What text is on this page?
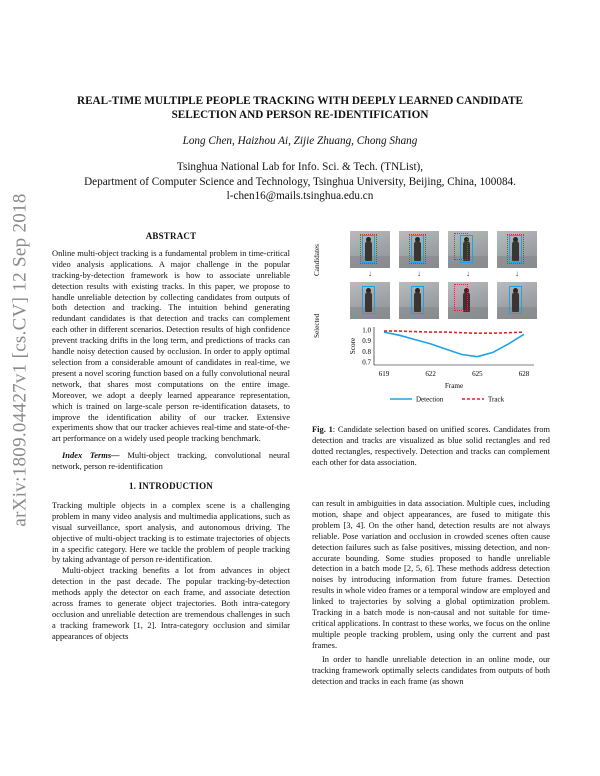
arXiv:1809.04427v1 [cs.CV] 12 Sep 2018
REAL-TIME MULTIPLE PEOPLE TRACKING WITH DEEPLY LEARNED CANDIDATE
SELECTION AND PERSON RE-IDENTIFICATION
Long Chen, Haizhou Ai, Zijie Zhuang, Chong Shang
Tsinghua National Lab for Info. Sci. & Tech. (TNList),
Department of Computer Science and Technology, Tsinghua University, Beijing, China, 100084.
l-chen16@mails.tsinghua.edu.cn
ABSTRACT

Online multi-object tracking is a fundamental problem in time-critical video analysis applications. A major challenge in the popular tracking-by-detection framework is how to associate unreliable detection results with existing tracks. In this paper, we propose to handle unreliable detection by collecting candidates from outputs of both detection and tracking. The intuition behind generating redundant candidates is that detection and tracks can complement each other in different scenarios. Detection results of high confidence prevent tracking drifts in the long term, and predictions of tracks can handle noisy detection caused by occlusion. In order to apply optimal selection from a considerable amount of candidates in real-time, we present a novel scoring function based on a fully convolutional neural network, that shares most computations on the entire image. Moreover, we adopt a deeply learned appearance representation, which is trained on large-scale person re-identification datasets, to improve the identification ability of our tracker. Extensive experiments show that our tracker achieves real-time and state-of-the-art performance on a widely used people tracking benchmark.

Index Terms— Multi-object tracking, convolutional neural network, person re-identification

1. INTRODUCTION

Tracking multiple objects in a complex scene is a challenging problem in many video analysis and multimedia applications, such as visual surveillance, sport analysis, and autonomous driving. The objective of multi-object tracking is to estimate trajectories of objects in a specific category. Here we tackle the problem of people tracking by taking advantage of person re-identification.

Multi-object tracking benefits a lot from advances in object detection in the past decade. The popular tracking-by-detection methods apply the detector on each frame, and associate detection across frames to generate object trajectories. Both intra-category occlusion and unreliable detection are tremendous challenges in such a tracking framework [1, 2]. Intra-category occlusion and similar appearances of objects

Candidates
Selected
↓	↓	↓	↓
Score
Frame
1.0
0.9
0.8
0.7
619	622	625	628
Detection	Track
Fig. 1: Candidate selection based on unified scores. Candidates from detection and tracks are visualized as blue solid rectangles and red dotted rectangles, respectively. Detection and tracks can complement each other for data association.

can result in ambiguities in data association. Multiple cues, including motion, shape and object appearances, are fused to mitigate this problem [3, 4]. On the other hand, detection results are not always reliable. Pose variation and occlusion in crowded scenes often cause detection failures such as false positives, missing detection, and non-accurate bounding. Some studies proposed to handle unreliable detection in a batch mode [2, 5, 6]. These methods address detection noises by introducing information from future frames. Detection results in whole video frames or a temporal window are employed and linked to trajectories by solving a global optimization problem. Tracking in a batch mode is non-causal and not suitable for time-critical applications. In contrast to these works, we focus on the online multiple people tracking problem, using only the current and past frames.

In order to handle unreliable detection in an online mode, our tracking framework optimally selects candidates from outputs of both detection and tracks in each frame (as shown
